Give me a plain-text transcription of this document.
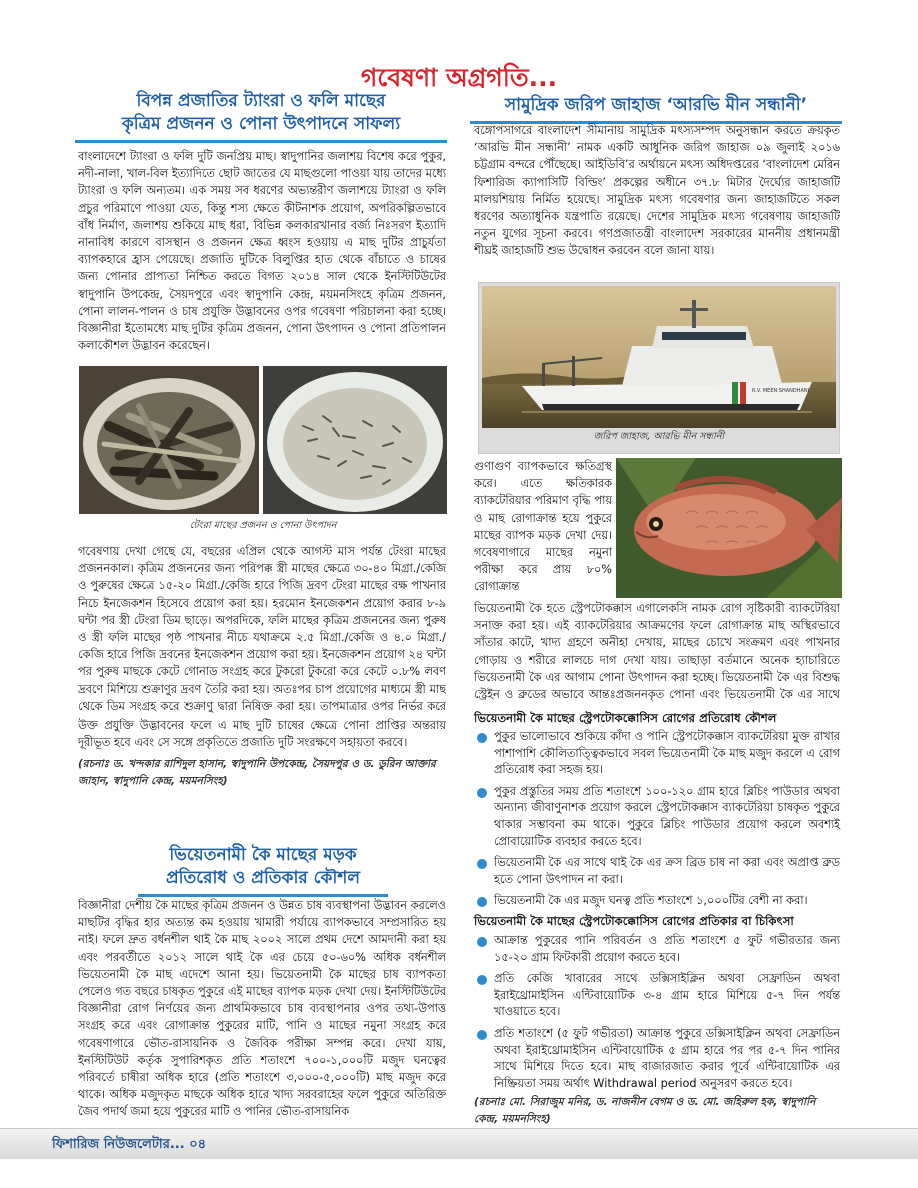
গবেষণা অগ্রগতি...
বিপন্ন প্রজাতির ট্যাংরা ও ফলি মাছের
কৃত্রিম প্রজনন ও পোনা উৎপাদনে সাফল্য
বাংলাদেশে ট্যাংরা ও ফলি দুটি জনপ্রিয় মাছ। স্বাদুপানির জলাশয় বিশেষ করে পুকুর, নদী-নালা, খাল-বিল ইত্যাদিতে ছোট জাতের যে মাছগুলো পাওয়া যায় তাদের মধ্যে ট্যাংরা ও ফলি অন্যতম। এক সময় সব ধরণের অভ্যন্তরীণ জলাশয়ে ট্যাংরা ও ফলি প্রচুর পরিমাণে পাওয়া যেত, কিন্তু শস্য ক্ষেতে কীটনাশক প্রয়োগ, অপরিকল্পিতভাবে বাঁধ নির্মাণ, জলাশয় শুকিয়ে মাছ ধরা, বিভিন্ন কলকারখানার বর্জ্য নিঃসরণ ইত্যাদি নানাবিধ কারণে বাসস্থান ও প্রজনন ক্ষেত্র ধ্বংস হওয়ায় এ মাছ দুটির প্রাচুর্যতা ব্যাপকহারে হ্রাস পেয়েছে। প্রজাতি দুটিকে বিলুপ্তির হাত থেকে বাঁচাতে ও চাষের জন্য পোনার প্রাপ্যতা নিশ্চিত করতে বিগত ২০১৪ সাল থেকে ইনস্টিটিউটের স্বাদুপানি উপকেন্দ্র, সৈয়দপুরে এবং স্বাদুপানি কেন্দ্র, ময়মনসিংহে কৃত্রিম প্রজনন, পোনা লালন-পালন ও চাষ প্রযুক্তি উদ্ভাবনের ওপর গবেষণা পরিচালনা করা হচ্ছে। বিজ্ঞানীরা ইতোমধ্যে মাছ দুটির কৃত্রিম প্রজনন, পোনা উৎপাদন ও পোনা প্রতিপালন কলাকৌশল উদ্ভাবন করেছেন।
টেংরা মাছের প্রজনন ও পোনা উৎপাদন
গবেষণায় দেখা গেছে যে, বছরের এপ্রিল থেকে আগস্ট মাস পর্যন্ত টেংরা মাছের প্রজননকাল। কৃত্রিম প্রজননের জন্য পরিপক্ক স্ত্রী মাছের ক্ষেত্রে ৩০-৪০ মিগ্রা./কেজি ও পুরুষের ক্ষেত্রে ১৫-২০ মিগ্রা./কেজি হারে পিজি দ্রবণ টেংরা মাছের বক্ষ পাখনার নিচে ইনজেকশন হিসেবে প্রয়োগ করা হয়। হরমোন ইনজেকশন প্রয়োগ করার ৮-৯ ঘন্টা পর স্ত্রী টেংরা ডিম ছাড়ে। অপরদিকে, ফলি মাছের কৃত্রিম প্রজননের জন্য পুরুষ ও স্ত্রী ফলি মাছের পৃষ্ঠ পাখনার নীচে যথাক্রমে ২.৫ মিগ্রা./কেজি ও ৪.০ মিগ্রা./কেজি হারে পিজি দ্রবনের ইনজেকশন প্রয়োগ করা হয়। ইনজেকশন প্রয়োগ ২৪ ঘন্টা পর পুরুষ মাছকে কেটে গোনাড সংগ্রহ করে টুকরো টুকরো করে কেটে ০.৮% লবণ দ্রবণে মিশিয়ে শুক্রাণুর দ্রবণ তৈরি করা হয়। অতঃপর চাপ প্রয়োগের মাধ্যমে স্ত্রী মাছ থেকে ডিম সংগ্রহ করে শুক্রাণু দ্বারা নিষিক্ত করা হয়। তাপমাত্রার ওপর নির্ভর করে
উক্ত প্রযুক্তি উদ্ভাবনের ফলে এ মাছ দুটি চাষের ক্ষেত্রে পোনা প্রাপ্তির অন্তরায় দূরীভূত হবে এবং সে সঙ্গে প্রকৃতিতে প্রজাতি দুটি সংরক্ষণে সহায়তা করবে।
(রচনাঃ ড. খন্দকার রাশিদুল হাসান, স্বাদুপানি উপকেন্দ্র, সৈয়দপুর ও ড. ডুরিন আক্তার জাহান, স্বাদুপানি কেন্দ্র, ময়মনসিংহ)
ভিয়েতনামী কৈ মাছের মড়ক
প্রতিরোধ ও প্রতিকার কৌশল
বিজ্ঞানীরা দেশীয় কৈ মাছের কৃত্রিম প্রজনন ও উন্নত চাষ ব্যবস্থাপনা উদ্ভাবন করলেও মাছটির বৃদ্ধির হার অত্যন্ত কম হওয়ায় খামারী পর্যায়ে ব্যাপকভাবে সম্প্রসারিত হয় নাই। ফলে দ্রুত বর্ধনশীল থাই কৈ মাছ ২০০২ সালে প্রথম দেশে আমদানী করা হয় এবং পরবর্তীতে ২০১২ সালে থাই কৈ এর চেয়ে ৫০-৬০% অধিক বর্ধনশীল ভিয়েতনামী কৈ মাছ এদেশে আনা হয়। ভিয়েতনামী কৈ মাছের চাষ ব্যাপকতা পেলেও গত বছরে চাষকৃত পুকুরে এই মাছের ব্যাপক মড়ক দেখা দেয়। ইনস্টিটিউটের বিজ্ঞানীরা রোগ নির্ণয়ের জন্য প্রাথমিকভাবে চাষ ব্যবস্থাপনার ওপর তথ্য-উপাত্ত সংগ্রহ করে এবং রোগাক্রান্ত পুকুরের মাটি, পানি ও মাছের নমুনা সংগ্রহ করে গবেষণাগারে ভৌত-রাসায়নিক ও জৈবিক পরীক্ষা সম্পন্ন করে। দেখা যায়, ইনস্টিটিউট কর্তৃক সুপারিশকৃত প্রতি শতাংশে ৭০০-১,০০০টি মজুদ ঘনত্বের পরিবর্তে চাষীরা অধিক হারে (প্রতি শতাংশে ৩,০০০-৫,০০০টি) মাছ মজুদ করে থাকে। অধিক মজুদকৃত মাছকে অধিক হারে খাদ্য সরবরাহের ফলে পুকুরে অতিরিক্ত জৈব পদার্থ জমা হয়ে পুকুরের মাটি ও পানির ভৌত-রাসায়নিক
সামুদ্রিক জরিপ জাহাজ ‘আরভি মীন সন্ধানী’
বঙ্গোপসাগরে বাংলাদেশ সীমানায় সামুদ্রিক মৎস্যসম্পদ অনুসন্ধান করতে ক্রয়কৃত ‘আরভি মীন সন্ধানী’ নামক একটি আধুনিক জরিপ জাহাজ ০৯ জুলাই ২০১৬ চট্টগ্রাম বন্দরে পৌঁছেছে। আইডিবি’র অর্থায়নে মৎস্য অধিদপ্তরের ‘বাংলাদেশ মেরিন ফিশারিজ ক্যাপাসিটি বিল্ডিং’ প্রকল্পের অধীনে ৩৭.৮ মিটার দৈর্ঘ্যের জাহাজটি মালয়শিয়ায় নির্মিত হয়েছে। সামুদ্রিক মৎস্য গবেষণার জন্য জাহাজটিতে সকল ধরণের অত্যাধুনিক যন্ত্রপাতি রয়েছে। দেশের সামুদ্রিক মৎস্য গবেষণায় জাহাজটি নতুন যুগের সূচনা করবে। গণপ্রজাতন্ত্রী বাংলাদেশ সরকারের মাননীয় প্রধানমন্ত্রী শীঘ্রই জাহাজটি শুভ উদ্বোধন করবেন বলে জানা যায়।
R.V. MEEN SHANDHANI
জরিপ জাহাজ, আরভি মীন সন্ধানী
গুণাগুণ ব্যাপকভাবে ক্ষতিগ্রস্থ করে। এতে ক্ষতিকারক ব্যাকটেরিয়ার পরিমাণ বৃদ্ধি পায় ও মাছ রোগাক্রান্ত হয়ে পুকুরে মাছের ব্যাপক মড়ক দেখা দেয়। গবেষণাগারে মাছের নমুনা পরীক্ষা করে প্রায় ৮০% রোগাক্রান্ত
ভিয়েতনামী কৈ হতে স্ট্রেপটোকক্কাস এগালেকসি নামক রোগ সৃষ্টিকারী ব্যাকটেরিয়া সনাক্ত করা হয়। এই ব্যাকটেরিয়ার আক্রমণের ফলে রোগাক্রান্ত মাছ অস্থিরভাবে সাঁতার কাটে, খাদ্য গ্রহণে অনীহা দেখায়, মাছের চোখে সংক্রমণ এবং পাখনার গোড়ায় ও শরীরে লালচে দাগ দেখা যায়। তাছাড়া বর্তমানে অনেক হ্যাচারিতে ভিয়েতনামী কৈ এর আগাম পোনা উৎপাদন করা হচ্ছে। ভিয়েতনামী কৈ এর বিশুদ্ধ স্ট্রেইন ও ব্রুডের অভাবে আন্তঃপ্রজননকৃত পোনা এবং ভিয়েতনামী কৈ এর সাথে
ভিয়েতনামী কৈ মাছের স্ট্রেপটোকক্কোসিস রোগের প্রতিরোধ কৌশল
পুকুর ভালোভাবে শুকিয়ে কাঁদা ও পানি স্ট্রেপটোকক্কাস ব্যাকটেরিয়া মুক্ত রাখার পাশাপাশি কৌলিতাত্ত্বিকভাবে সবল ভিয়েতনামী কৈ মাছ মজুদ করলে এ রোগ প্রতিরোধ করা সহজ হয়।
পুকুর প্রস্তুতির সময় প্রতি শতাংশে ১০০-১২০ গ্রাম হারে ব্লিচিং পাউডার অথবা অন্যান্য জীবাণুনাশক প্রয়োগ করলে স্ট্রেপটোকক্কাস ব্যাকটেরিয়া চাষকৃত পুকুরে থাকার সম্ভাবনা কম থাকে। পুকুরে ব্লিচিং পাউডার প্রয়োগ করলে অবশ্যই প্রোবায়োটিক ব্যবহার করতে হবে।
ভিয়েতনামী কৈ এর সাথে থাই কৈ এর ক্রস ব্রিড চাষ না করা এবং অপ্রাপ্ত ব্রুড হতে পোনা উৎপাদন না করা।
ভিয়েতনামী কৈ এর মজুদ ঘনত্ব প্রতি শতাংশে ১,০০০টির বেশী না করা।
ভিয়েতনামী কৈ মাছের স্ট্রেপটোকক্কোসিস রোগের প্রতিকার বা চিকিৎসা
আক্রান্ত পুকুরের পানি পরিবর্তন ও প্রতি শতাংশে ৫ ফুট গভীরতার জন্য ১৫-২০ গ্রাম ফিটকারী প্রয়োগ করতে হবে।
প্রতি কেজি খাবারের সাথে ডক্সিসাইক্লিন অথবা সেফ্রাডিন অথবা ইরাইথ্রোমাইসিন এন্টিবায়োটিক ৩-৪ গ্রাম হারে মিশিয়ে ৫-৭ দিন পর্যন্ত খাওয়াতে হবে।
প্রতি শতাংশে (৫ ফুট গভীরতা) আক্রান্ত পুকুরে ডক্সিসাইক্লিন অথবা সেফ্রাডিন অথবা ইরাইথ্রোমাইসিন এন্টিবায়োটিক ৫ গ্রাম হারে পর পর ৫-৭ দিন পানির সাথে মিশিয়ে দিতে হবে। মাছ বাজারজাত করার পূর্বে এন্টিবায়োটিক এর নিষ্ক্রিয়তা সময় অর্থাৎ Withdrawal period অনুসরণ করতে হবে।
(রচনাঃ মো. সিরাজুম মনির, ড. নাজনীন বেগম ও ড. মো. জহিরুল হক, স্বাদুপানি কেন্দ্র, ময়মনসিংহ)
ফিশারিজ নিউজলেটার... ০৪
